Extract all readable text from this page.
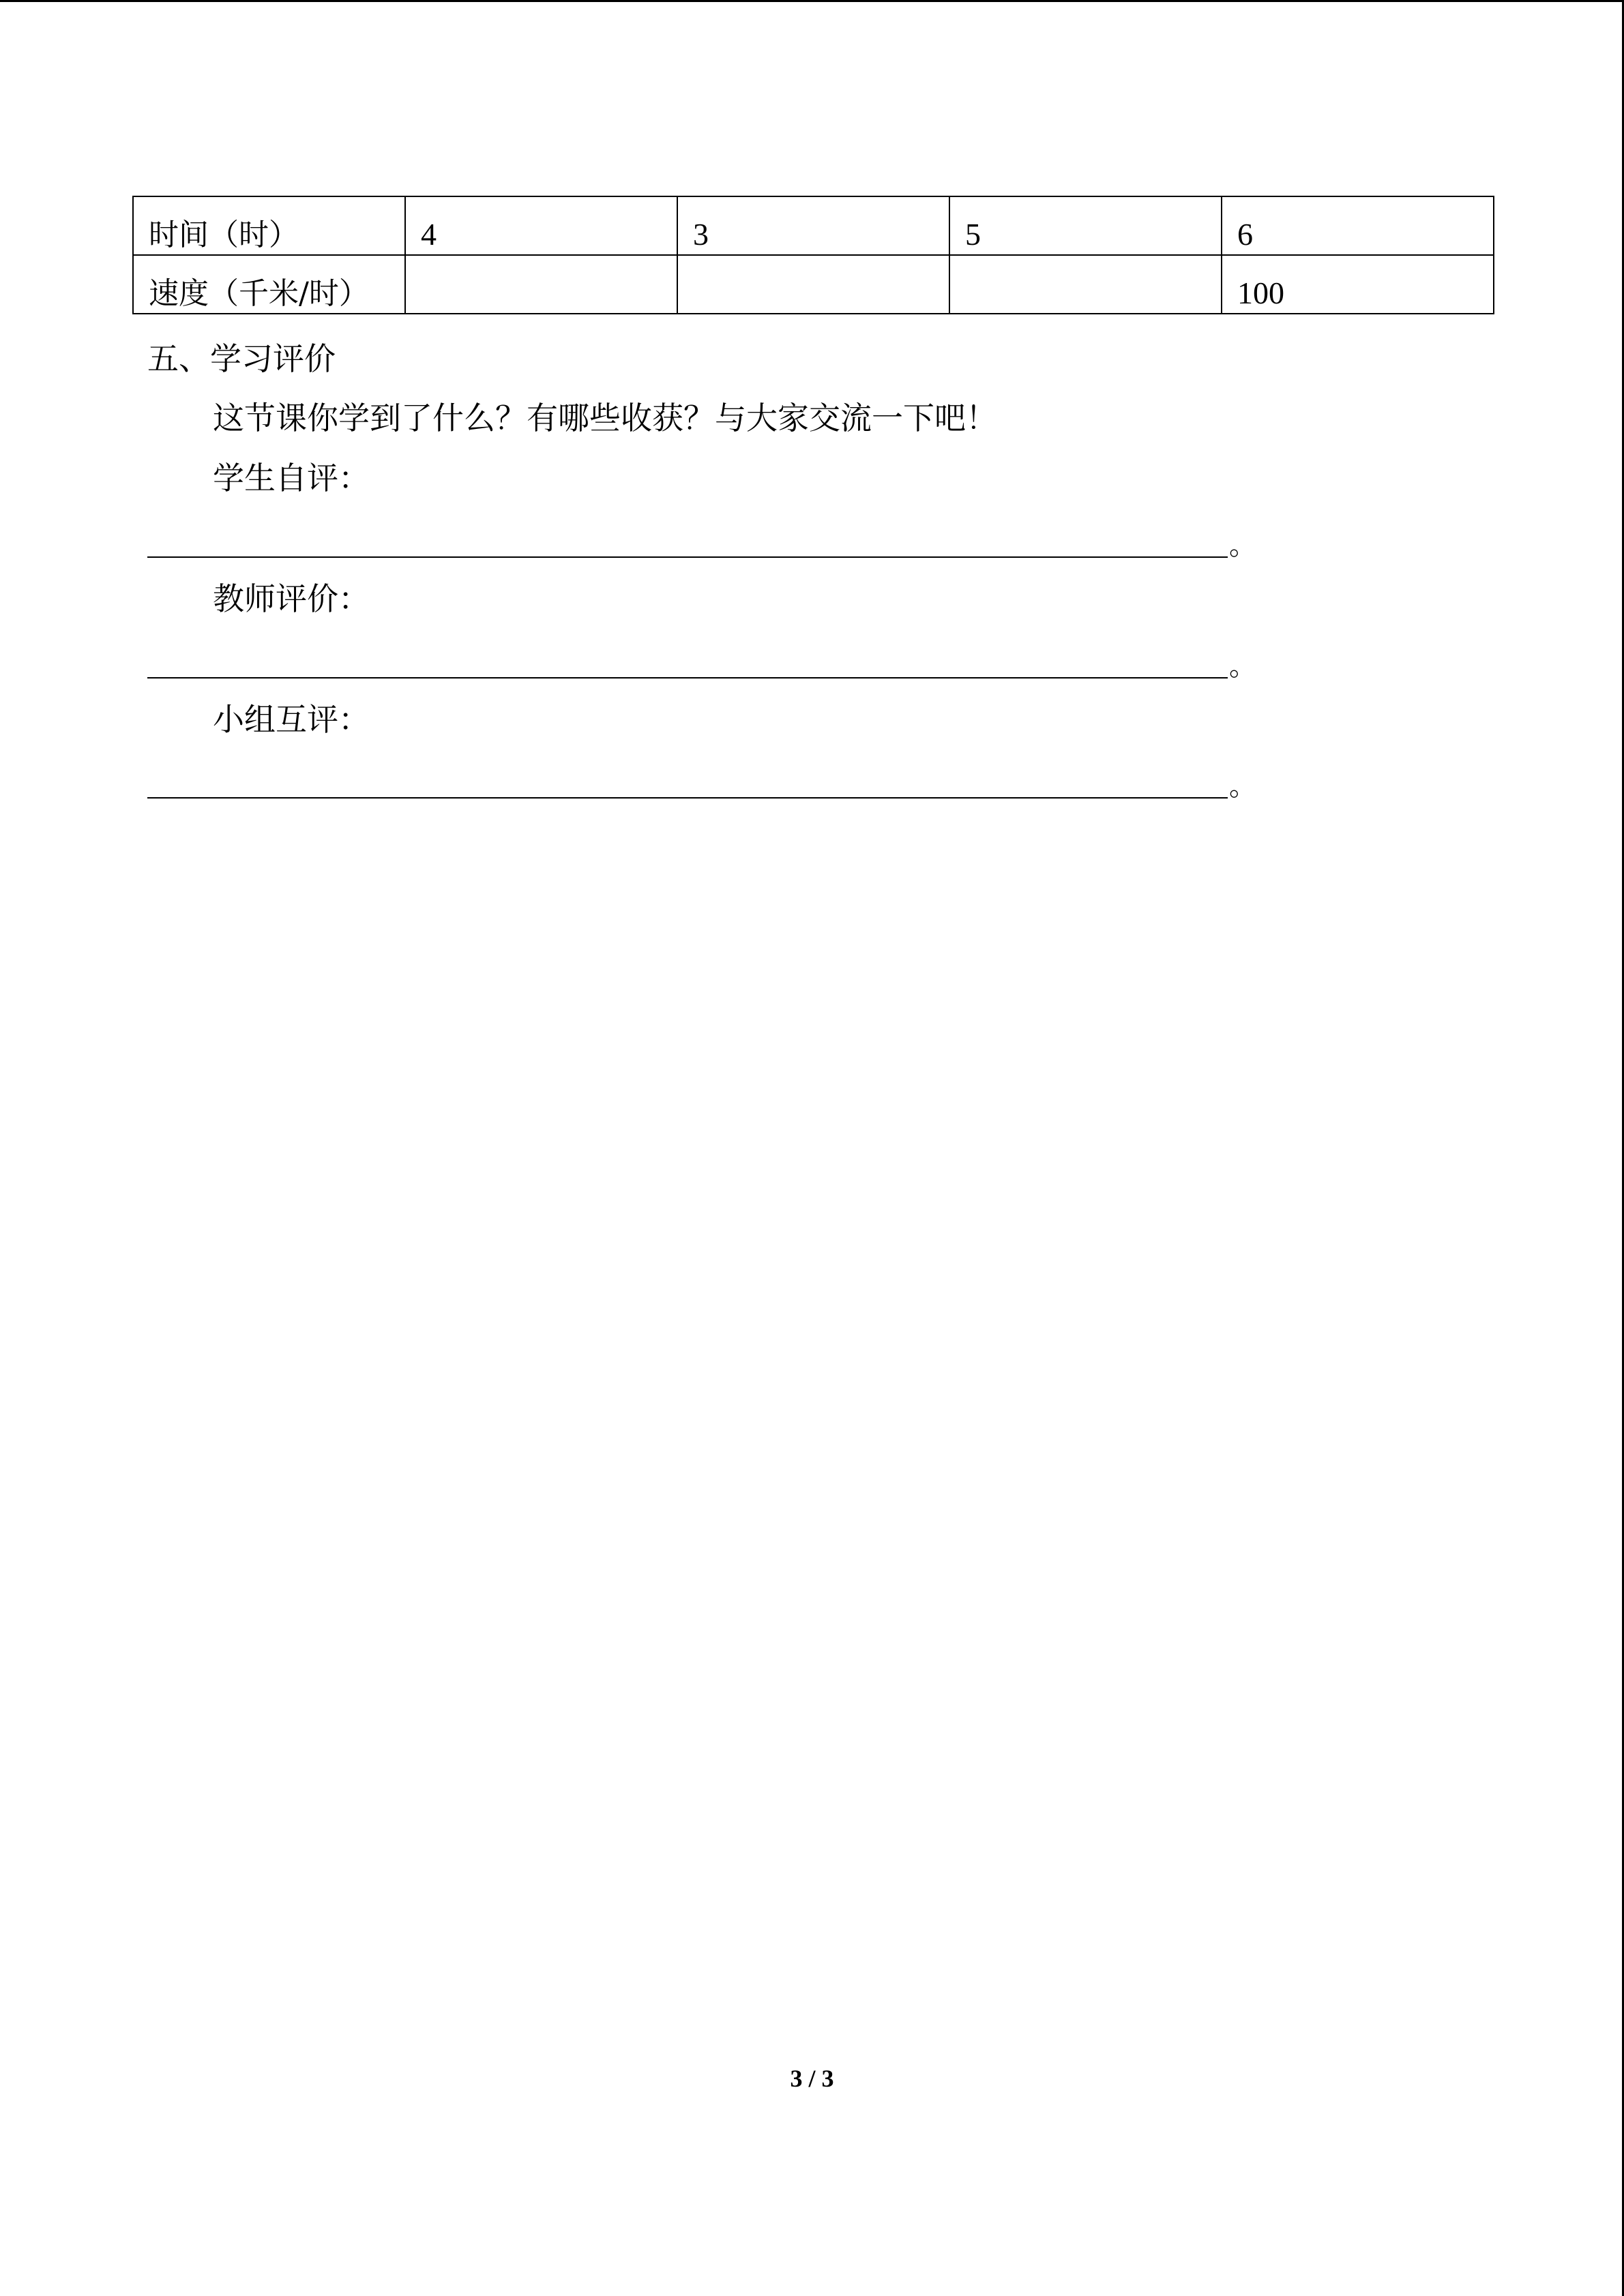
时间（时）	4	3	5	6
速度（千米/时）				100
五、学习评价
这节课你学到了什么？有哪些收获？与大家交流一下吧！
学生自评：
。
教师评价：
。
小组互评：
。
3 / 3
